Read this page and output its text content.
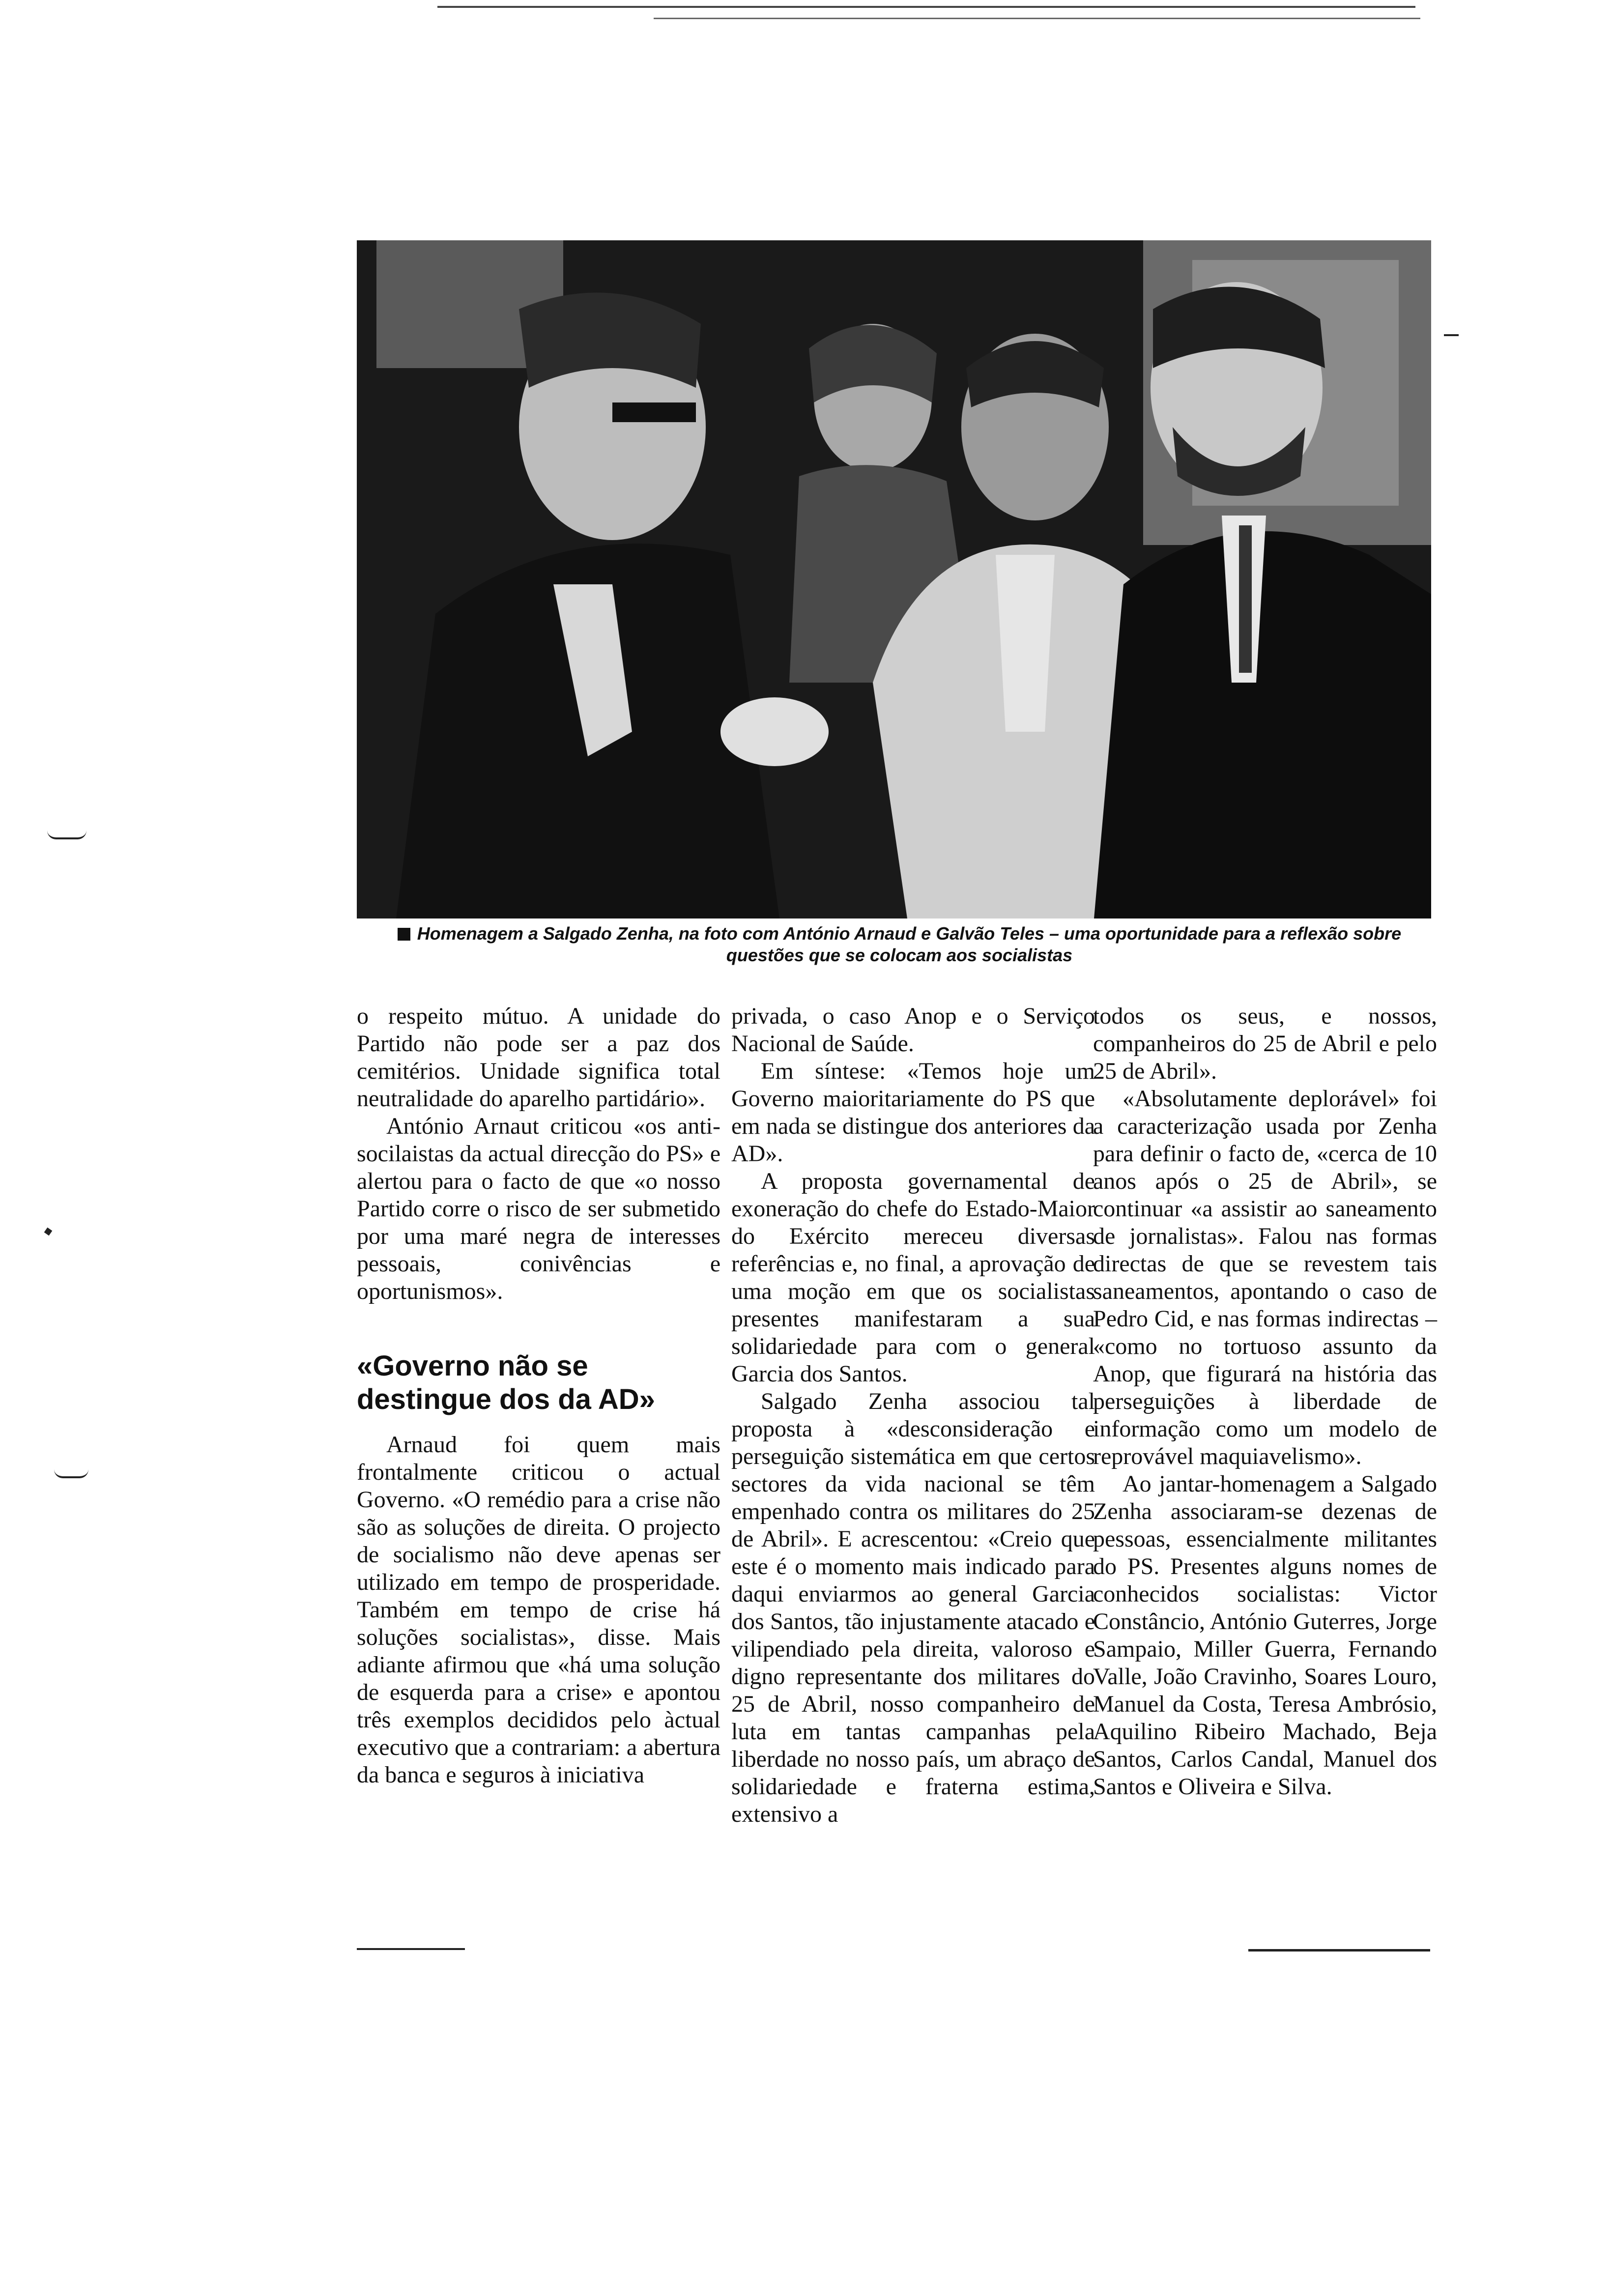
Homenagem a Salgado Zenha, na foto com António Arnaud e Galvão Teles – uma oportunidade para a reflexão sobre questões que se colocam aos socialistas

o respeito mútuo. A unidade do Partido não pode ser a paz dos cemitérios. Unidade significa total neutralidade do aparelho partidário».

António Arnaut criticou «os anti-socilaistas da actual direcção do PS» e alertou para o facto de que «o nosso Partido corre o risco de ser submetido por uma maré negra de interesses pessoais, conivências e oportunismos».

«Governo não se destingue dos da AD»

Arnaud foi quem mais frontalmente criticou o actual Governo. «O remédio para a crise não são as soluções de direita. O projecto de socialismo não deve apenas ser utilizado em tempo de prosperidade. Também em tempo de crise há soluções socialistas», disse. Mais adiante afirmou que «há uma solução de esquerda para a crise» e apontou três exemplos decididos pelo àctual executivo que a contrariam: a abertura da banca e seguros à iniciativa

privada, o caso Anop e o Serviço Nacional de Saúde.

Em síntese: «Temos hoje um Governo maioritariamente do PS que em nada se distingue dos anteriores da AD».

A proposta governamental de exoneração do chefe do Estado-Maior do Exército mereceu diversas referências e, no final, a aprovação de uma moção em que os socialistas presentes manifestaram a sua solidariedade para com o general Garcia dos Santos.

Salgado Zenha associou tal proposta à «desconsideração e perseguição sistemática em que certos sectores da vida nacional se têm empenhado contra os militares do 25 de Abril». E acrescentou: «Creio que este é o momento mais indicado para daqui enviarmos ao general Garcia dos Santos, tão injustamente atacado e vilipendiado pela direita, valoroso e digno representante dos militares do 25 de Abril, nosso companheiro de luta em tantas campanhas pela liberdade no nosso país, um abraço de solidariedade e fraterna estima, extensivo a

todos os seus, e nossos, companheiros do 25 de Abril e pelo 25 de Abril».

«Absolutamente deplorável» foi a caracterização usada por Zenha para definir o facto de, «cerca de 10 anos após o 25 de Abril», se continuar «a assistir ao saneamento de jornalistas». Falou nas formas directas de que se revestem tais saneamentos, apontando o caso de Pedro Cid, e nas formas indirectas – «como no tortuoso assunto da Anop, que figurará na história das perseguições à liberdade de informação como um modelo de reprovável maquiavelismo».

Ao jantar-homenagem a Salgado Zenha associaram-se dezenas de pessoas, essencialmente militantes do PS. Presentes alguns nomes de conhecidos socialistas: Victor Constâncio, António Guterres, Jorge Sampaio, Miller Guerra, Fernando Valle, João Cravinho, Soares Louro, Manuel da Costa, Teresa Ambrósio, Aquilino Ribeiro Machado, Beja Santos, Carlos Candal, Manuel dos Santos e Oliveira e Silva.
